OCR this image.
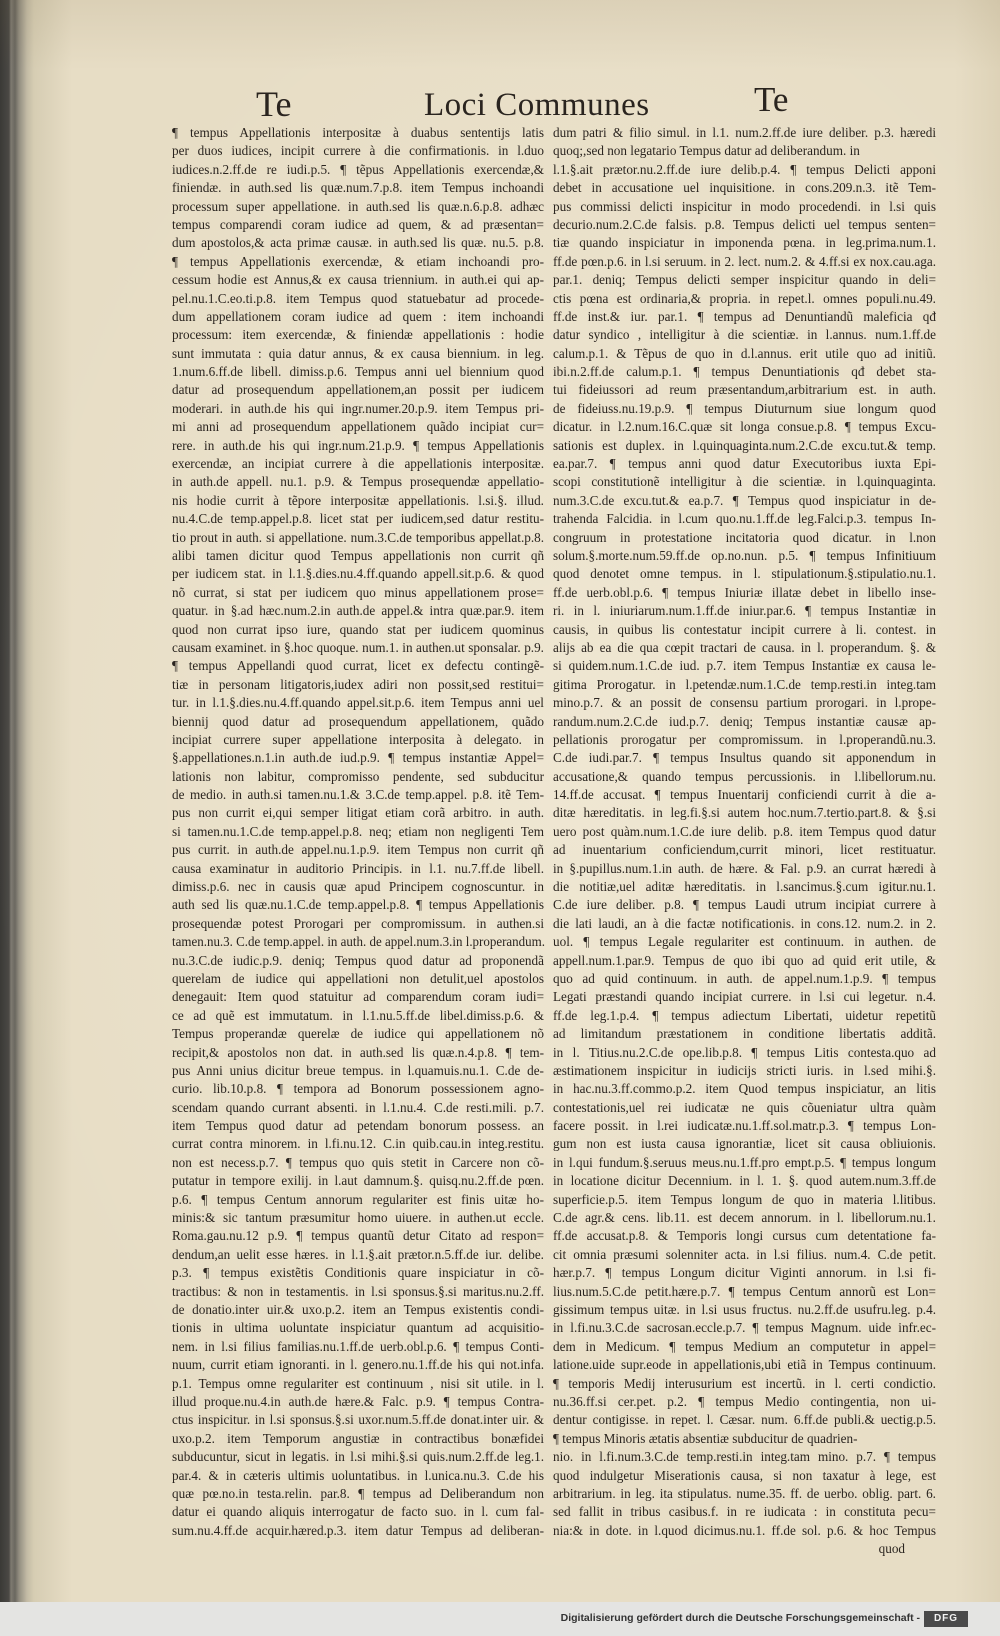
Te	Loci Communes	Te
¶ tempus Appellationis interpositæ à duabus sententijs latis
per duos iudices, incipit currere à die confirmationis. in l.duo
iudices.n.2.ff.de re iudi.p.5. ¶ tẽpus Appellationis exercendæ,&
finiendæ. in auth.sed lis quæ.num.7.p.8. item Tempus inchoandi
processum super appellatione. in auth.sed lis quæ.n.6.p.8. adhæc
tempus comparendi coram iudice ad quem, & ad præsentan=
dum apostolos,& acta primæ causæ. in auth.sed lis quæ. nu.5. p.8.
¶ tempus Appellationis exercendæ, & etiam inchoandi pro-
cessum hodie est Annus,& ex causa triennium. in auth.ei qui ap-
pel.nu.1.C.eo.ti.p.8. item Tempus quod statuebatur ad procede-
dum appellationem coram iudice ad quem : item inchoandi
processum: item exercendæ, & finiendæ appellationis : hodie
sunt immutata : quia datur annus, & ex causa biennium. in leg.
1.num.6.ff.de libell. dimiss.p.6. Tempus anni uel biennium quod
datur ad prosequendum appellationem,an possit per iudicem
moderari. in auth.de his qui ingr.numer.20.p.9. item Tempus pri-
mi anni ad prosequendum appellationem quãdo incipiat cur=
rere. in auth.de his qui ingr.num.21.p.9. ¶ tempus Appellationis
exercendæ, an incipiat currere à die appellationis interpositæ.
in auth.de appell. nu.1. p.9. & Tempus prosequendæ appellatio-
nis hodie currit à tẽpore interpositæ appellationis. l.si.§. illud.
nu.4.C.de temp.appel.p.8. licet stat per iudicem,sed datur restitu-
tio prout in auth. si appellatione. num.3.C.de temporibus appellat.p.8.
alibi tamen dicitur quod Tempus appellationis non currit qñ
per iudicem stat. in l.1.§.dies.nu.4.ff.quando appell.sit.p.6. & quod
nõ currat, si stat per iudicem quo minus appellationem prose=
quatur. in §.ad hæc.num.2.in auth.de appel.& intra quæ.par.9. item
quod non currat ipso iure, quando stat per iudicem quominus
causam examinet. in §.hoc quoque. num.1. in authen.ut sponsalar. p.9.
¶ tempus Appellandi quod currat, licet ex defectu contingẽ-
tiæ in personam litigatoris,iudex adiri non possit,sed restitui=
tur. in l.1.§.dies.nu.4.ff.quando appel.sit.p.6. item Tempus anni uel
biennij quod datur ad prosequendum appellationem, quãdo
incipiat currere super appellatione interposita à delegato. in
§.appellationes.n.1.in auth.de iud.p.9. ¶ tempus instantiæ Appel=
lationis non labitur, compromisso pendente, sed subducitur
de medio. in auth.si tamen.nu.1.& 3.C.de temp.appel. p.8. itẽ Tem-
pus non currit ei,qui semper litigat etiam corã arbitro. in auth.
si tamen.nu.1.C.de temp.appel.p.8. neq; etiam non negligenti Tem
pus currit. in auth.de appel.nu.1.p.9. item Tempus non currit qñ
causa examinatur in auditorio Principis. in l.1. nu.7.ff.de libell.
dimiss.p.6. nec in causis quæ apud Principem cognoscuntur. in
auth sed lis quæ.nu.1.C.de temp.appel.p.8. ¶ tempus Appellationis
prosequendæ potest Prorogari per compromissum. in authen.si
tamen.nu.3. C.de temp.appel. in auth. de appel.num.3.in l.properandum.
nu.3.C.de iudic.p.9. deniq; Tempus quod datur ad proponendã
querelam de iudice qui appellationi non detulit,uel apostolos
denegauit: Item quod statuitur ad comparendum coram iudi=
ce ad quẽ est immutatum. in l.1.nu.5.ff.de libel.dimiss.p.6. &
Tempus properandæ querelæ de iudice qui appellationem nõ
recipit,& apostolos non dat. in auth.sed lis quæ.n.4.p.8. ¶ tem-
pus Anni unius dicitur breue tempus. in l.quamuis.nu.1. C.de de-
curio. lib.10.p.8. ¶ tempora ad Bonorum possessionem agno-
scendam quando currant absenti. in l.1.nu.4. C.de resti.mili. p.7.
item Tempus quod datur ad petendam bonorum possess. an
currat contra minorem. in l.fi.nu.12. C.in quib.cau.in integ.restitu.
non est necess.p.7. ¶ tempus quo quis stetit in Carcere non cõ-
putatur in tempore exilij. in l.aut damnum.§. quisq.nu.2.ff.de pœn.
p.6. ¶ tempus Centum annorum regulariter est finis uitæ ho-
minis:& sic tantum præsumitur homo uiuere. in authen.ut eccle.
Roma.gau.nu.12 p.9. ¶ tempus quantũ detur Citato ad respon=
dendum,an uelit esse hæres. in l.1.§.ait prætor.n.5.ff.de iur. delibe.
p.3. ¶ tempus existẽtis Conditionis quare inspiciatur in cõ-
tractibus: & non in testamentis. in l.si sponsus.§.si maritus.nu.2.ff.
de donatio.inter uir.& uxo.p.2. item an Tempus existentis condi-
tionis in ultima uoluntate inspiciatur quantum ad acquisitio-
nem. in l.si filius familias.nu.1.ff.de uerb.obl.p.6. ¶ tempus Conti-
nuum, currit etiam ignoranti. in l. genero.nu.1.ff.de his qui not.infa.
p.1. Tempus omne regulariter est continuum , nisi sit utile. in l.
illud proque.nu.4.in auth.de hære.& Falc. p.9. ¶ tempus Contra-
ctus inspicitur. in l.si sponsus.§.si uxor.num.5.ff.de donat.inter uir. &
uxo.p.2. item Temporum angustiæ in contractibus bonæfidei
subducuntur, sicut in legatis. in l.si mihi.§.si quis.num.2.ff.de leg.1.
par.4. & in cæteris ultimis uoluntatibus. in l.unica.nu.3. C.de his
quæ pœ.no.in testa.relin. par.8. ¶ tempus ad Deliberandum non
datur ei quando aliquis interrogatur de facto suo. in l. cum fal-
sum.nu.4.ff.de acquir.hæred.p.3. item datur Tempus ad deliberan-
dum patri & filio simul. in l.1. num.2.ff.de iure deliber. p.3. hæredi
quoq;,sed non legatario Tempus datur ad deliberandum. in
l.1.§.ait prætor.nu.2.ff.de iure delib.p.4. ¶ tempus Delicti apponi
debet in accusatione uel inquisitione. in cons.209.n.3. itẽ Tem-
pus commissi delicti inspicitur in modo procedendi. in l.si quis
decurio.num.2.C.de falsis. p.8. Tempus delicti uel tempus senten=
tiæ quando inspiciatur in imponenda pœna. in leg.prima.num.1.
ff.de pœn.p.6. in l.si seruum. in 2. lect. num.2. & 4.ff.si ex nox.cau.aga.
par.1. deniq; Tempus delicti semper inspicitur quando in deli=
ctis pœna est ordinaria,& propria. in repet.l. omnes populi.nu.49.
ff.de inst.& iur. par.1. ¶ tempus ad Denuntiandũ maleficia qđ
datur syndico , intelligitur à die scientiæ. in l.annus. num.1.ff.de
calum.p.1. & Tẽpus de quo in d.l.annus. erit utile quo ad initiũ.
ibi.n.2.ff.de calum.p.1. ¶ tempus Denuntiationis qđ debet sta-
tui fideiussori ad reum præsentandum,arbitrarium est. in auth.
de fideiuss.nu.19.p.9. ¶ tempus Diuturnum siue longum quod
dicatur. in l.2.num.16.C.quæ sit longa consue.p.8. ¶ tempus Excu-
sationis est duplex. in l.quinquaginta.num.2.C.de excu.tut.& temp.
ea.par.7. ¶ tempus anni quod datur Executoribus iuxta Epi-
scopi constitutionẽ intelligitur à die scientiæ. in l.quinquaginta.
num.3.C.de excu.tut.& ea.p.7. ¶ Tempus quod inspiciatur in de-
trahenda Falcidia. in l.cum quo.nu.1.ff.de leg.Falci.p.3. tempus In-
congruum in protestatione incitatoria quod dicatur. in l.non
solum.§.morte.num.59.ff.de op.no.nun. p.5. ¶ tempus Infinitiuum
quod denotet omne tempus. in l. stipulationum.§.stipulatio.nu.1.
ff.de uerb.obl.p.6. ¶ tempus Iniuriæ illatæ debet in libello inse-
ri. in l. iniuriarum.num.1.ff.de iniur.par.6. ¶ tempus Instantiæ in
causis, in quibus lis contestatur incipit currere à li. contest. in
alijs ab ea die qua cœpit tractari de causa. in l. properandum. §. &
si quidem.num.1.C.de iud. p.7. item Tempus Instantiæ ex causa le-
gitima Prorogatur. in l.petendæ.num.1.C.de temp.resti.in integ.tam
mino.p.7. & an possit de consensu partium prorogari. in l.prope-
randum.num.2.C.de iud.p.7. deniq; Tempus instantiæ causæ ap-
pellationis prorogatur per compromissum. in l.properandũ.nu.3.
C.de iudi.par.7. ¶ tempus Insultus quando sit apponendum in
accusatione,& quando tempus percussionis. in l.libellorum.nu.
14.ff.de accusat. ¶ tempus Inuentarij conficiendi currit à die a-
ditæ hæreditatis. in leg.fi.§.si autem hoc.num.7.tertio.part.8. & §.si
uero post quàm.num.1.C.de iure delib. p.8. item Tempus quod datur
ad inuentarium conficiendum,currit minori, licet restituatur.
in §.pupillus.num.1.in auth. de hære. & Fal. p.9. an currat hæredi à
die notitiæ,uel aditæ hæreditatis. in l.sancimus.§.cum igitur.nu.1.
C.de iure deliber. p.8. ¶ tempus Laudi utrum incipiat currere à
die lati laudi, an à die factæ notificationis. in cons.12. num.2. in 2.
uol. ¶ tempus Legale regulariter est continuum. in authen. de
appell.num.1.par.9. Tempus de quo ibi quo ad quid erit utile, &
quo ad quid continuum. in auth. de appel.num.1.p.9. ¶ tempus
Legati præstandi quando incipiat currere. in l.si cui legetur. n.4.
ff.de leg.1.p.4. ¶ tempus adiectum Libertati, uidetur repetitũ
ad limitandum præstationem in conditione libertatis additã.
in l. Titius.nu.2.C.de ope.lib.p.8. ¶ tempus Litis contesta.quo ad
æstimationem inspicitur in iudicijs stricti iuris. in l.sed mihi.§.
in hac.nu.3.ff.commo.p.2. item Quod tempus inspiciatur, an litis
contestationis,uel rei iudicatæ ne quis cõueniatur ultra quàm
facere possit. in l.rei iudicatæ.nu.1.ff.sol.matr.p.3. ¶ tempus Lon-
gum non est iusta causa ignorantiæ, licet sit causa obliuionis.
in l.qui fundum.§.seruus meus.nu.1.ff.pro empt.p.5. ¶ tempus longum
in locatione dicitur Decennium. in l. 1. §. quod autem.num.3.ff.de
superficie.p.5. item Tempus longum de quo in materia l.litibus.
C.de agr.& cens. lib.11. est decem annorum. in l. libellorum.nu.1.
ff.de accusat.p.8. & Temporis longi cursus cum detentatione fa-
cit omnia præsumi solenniter acta. in l.si filius. num.4. C.de petit.
hær.p.7. ¶ tempus Longum dicitur Viginti annorum. in l.si fi-
lius.num.5.C.de petit.hære.p.7. ¶ tempus Centum annorũ est Lon=
gissimum tempus uitæ. in l.si usus fructus. nu.2.ff.de usufru.leg. p.4.
in l.fi.nu.3.C.de sacrosan.eccle.p.7. ¶ tempus Magnum. uide infr.ec-
dem in Medicum. ¶ tempus Medium an computetur in appel=
latione.uide supr.eode in appellationis,ubi etiã in Tempus continuum.
¶ temporis Medij interusurium est incertũ. in l. certi condictio.
nu.36.ff.si cer.pet. p.2. ¶ tempus Medio contingentia, non ui-
dentur contigisse. in repet. l. Cæsar. num. 6.ff.de publi.& uectig.p.5.
¶ tempus Minoris ætatis absentiæ subducitur de quadrien-
nio. in l.fi.num.3.C.de temp.resti.in integ.tam mino. p.7. ¶ tempus
quod indulgetur Miserationis causa, si non taxatur à lege, est
arbitrarium. in leg. ita stipulatus. nume.35. ff. de uerbo. oblig. part. 6.
sed fallit in tribus casibus.f. in re iudicata : in constituta pecu=
nia:& in dote. in l.quod dicimus.nu.1. ff.de sol. p.6. & hoc Tempus
quod
Digitalisierung gefördert durch die Deutsche Forschungsgemeinschaft -	DFG
